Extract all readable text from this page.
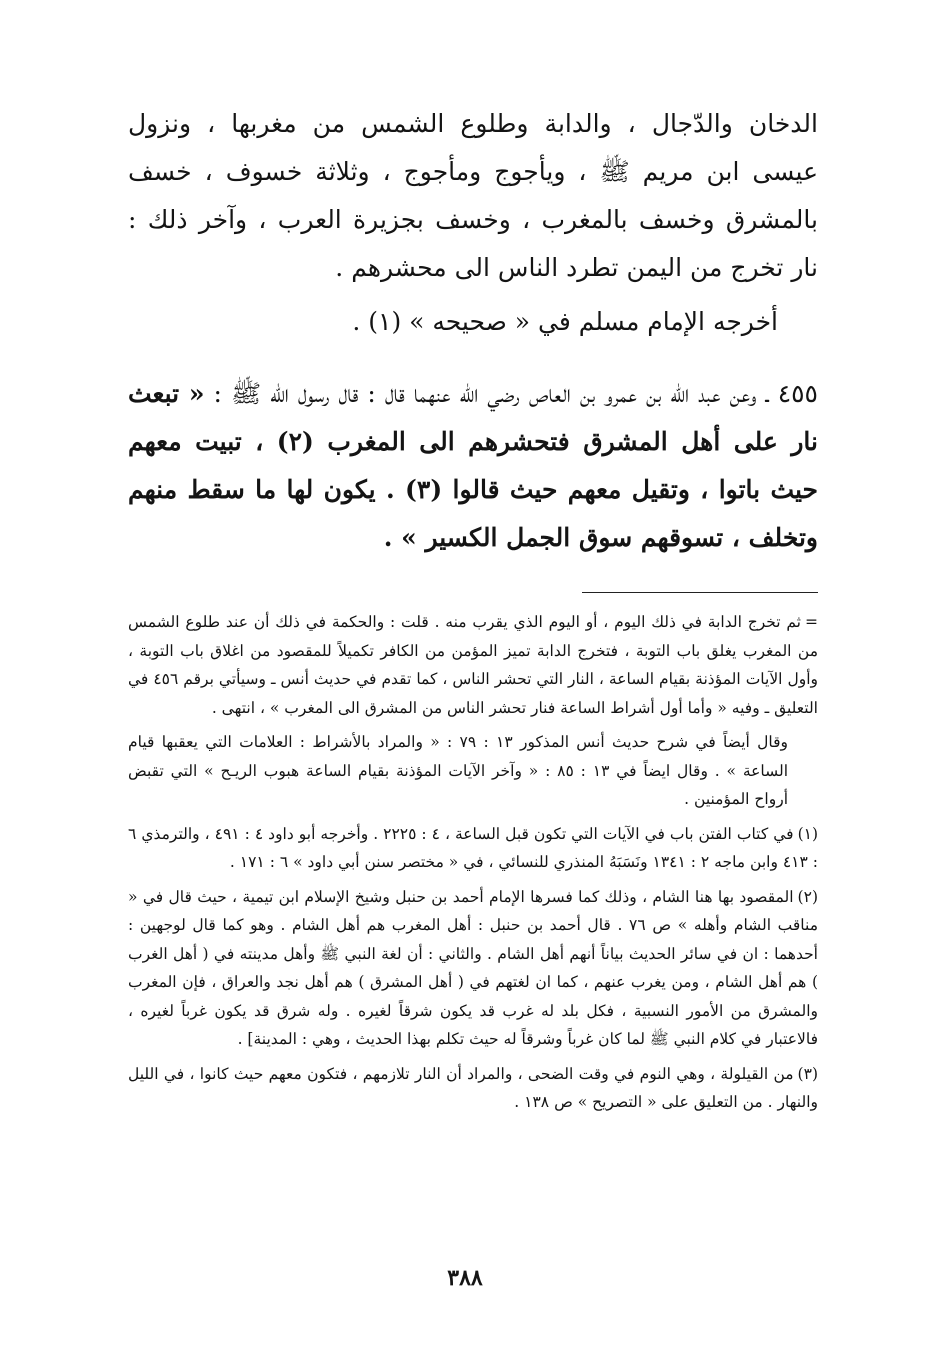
الدخان والدّجال ، والدابة وطلوع الشمس من مغربها ، ونزول عيسى ابن مريم ﷺ ، ويأجوج ومأجوج ، وثلاثة خسوف ، خسف بالمشرق وخسف بالمغرب ، وخسف بجزيرة العرب ، وآخر ذلك : نار تخرج من اليمن تطرد الناس الى محشرهم .

أخرجه الإمام مسلم في « صحيحه » (١) .

٤٥٥ ـ وعن عبد الله بن عمرو بن العاص رضي الله عنهما قال : قال رسول الله ﷺ : « تبعث نار على أهل المشرق فتحشرهم الى المغرب (٢) ، تبيت معهم حيث باتوا ، وتقيل معهم حيث قالوا (٣) . يكون لها ما سقط منهم وتخلف ، تسوقهم سوق الجمل الكسير » .

=ثم تخرج الدابة في ذلك اليوم ، أو اليوم الذي يقرب منه . قلت : والحكمة في ذلك أن عند طلوع الشمس من المغرب يغلق باب التوبة ، فتخرج الدابة تميز المؤمن من الكافر تكميلاً للمقصود من اغلاق باب التوبة ، وأول الآيات المؤذنة بقيام الساعة ، النار التي تحشر الناس ، كما تقدم في حديث أنس ـ وسيأتي برقم ٤٥٦ في التعليق ـ وفيه « وأما أول أشراط الساعة فنار تحشر الناس من المشرق الى المغرب » ، انتهى .

وقال أيضاً في شرح حديث أنس المذكور ١٣ : ٧٩ : « والمراد بالأشراط : العلامات التي يعقبها قيام الساعة » . وقال ايضاً في ١٣ : ٨٥ : « وآخر الآيات المؤذنة بقيام الساعة هبوب الريـح » التي تقبض أرواح المؤمنين .

(١)في كتاب الفتن باب في الآيات التي تكون قبل الساعة ، ٤ : ٢٢٢٥ . وأخرجه أبو داود ٤ : ٤٩١ ، والترمذي ٦ : ٤١٣ وابن ماجه ٢ : ١٣٤١ ونَسَبَهُ المنذري للنسائي ، في « مختصر سنن أبي داود » ٦ : ١٧١ .

(٢)المقصود بها هنا الشام ، وذلك كما فسرها الإمام أحمد بن حنبل وشيخ الإسلام ابن تيمية ، حيث قال في « مناقب الشام وأهله » ص ٧٦ . قال أحمد بن حنبل : أهل المغرب هم أهل الشام . وهو كما قال لوجهين : أحدهما : ان في سائر الحديث بياناً أنهم أهل الشام . والثاني : أن لغة النبي ﷺ وأهل مدينته في ( أهل الغرب ) هم أهل الشام ، ومن يغرب عنهم ، كما ان لغتهم في ( أهل المشرق ) هم أهل نجد والعراق ، فإن المغرب والمشرق من الأمور النسبية ، فكل بلد له غرب قد يكون شرقاً لغيره . وله شرق قد يكون غرباً لغيره ، فالاعتبار في كلام النبي ﷺ لما كان غرباً وشرقاً له حيث تكلم بهذا الحديث ، وهي : المدينة] .

(٣)من القيلولة ، وهي النوم في وقت الضحى ، والمراد أن النار تلازمهم ، فتكون معهم حيث كانوا ، في الليل والنهار . من التعليق على « التصريح » ص ١٣٨ .

٣٨٨
